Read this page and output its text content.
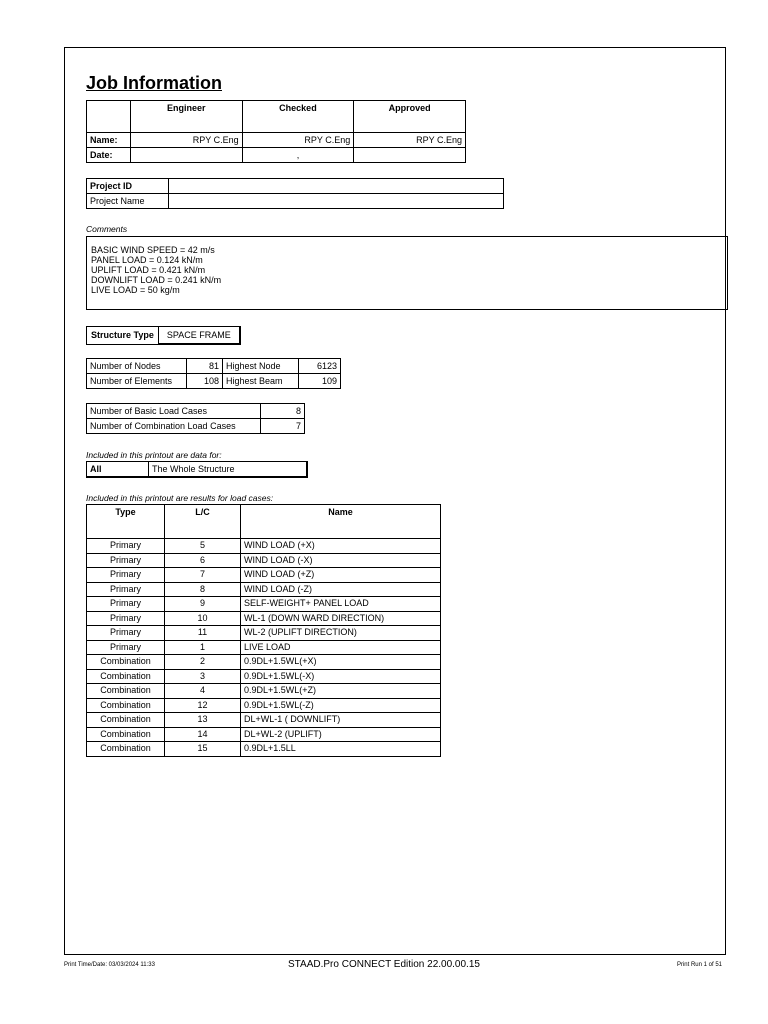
Job Information
	Engineer	Checked	Approved
Name:	RPY C.Eng	RPY C.Eng	RPY C.Eng
Date:		,	
Project ID	
Project Name	
Comments
BASIC WIND SPEED = 42 m/s
PANEL LOAD = 0.124 kN/m
UPLIFT LOAD = 0.421 kN/m
DOWNLIFT LOAD = 0.241 kN/m
LIVE LOAD = 50 kg/m
Structure Type	SPACE FRAME
Number of Nodes	81	Highest Node	6123
Number of Elements	108	Highest Beam	109
Number of Basic Load Cases	8
Number of Combination Load Cases	7
Included in this printout are data for:
All	The Whole Structure
Included in this printout are results for load cases:
Type	L/C	Name
Primary	5	WIND LOAD (+X)
Primary	6	WIND LOAD (-X)
Primary	7	WIND LOAD (+Z)
Primary	8	WIND LOAD (-Z)
Primary	9	SELF-WEIGHT+ PANEL LOAD
Primary	10	WL-1 (DOWN WARD DIRECTION)
Primary	11	WL-2 (UPLIFT DIRECTION)
Primary	1	LIVE LOAD
Combination	2	0.9DL+1.5WL(+X)
Combination	3	0.9DL+1.5WL(-X)
Combination	4	0.9DL+1.5WL(+Z)
Combination	12	0.9DL+1.5WL(-Z)
Combination	13	DL+WL-1 ( DOWNLIFT)
Combination	14	DL+WL-2 (UPLIFT)
Combination	15	0.9DL+1.5LL
Print Time/Date: 03/03/2024 11:33	STAAD.Pro CONNECT Edition 22.00.00.15	Print Run 1 of 51
